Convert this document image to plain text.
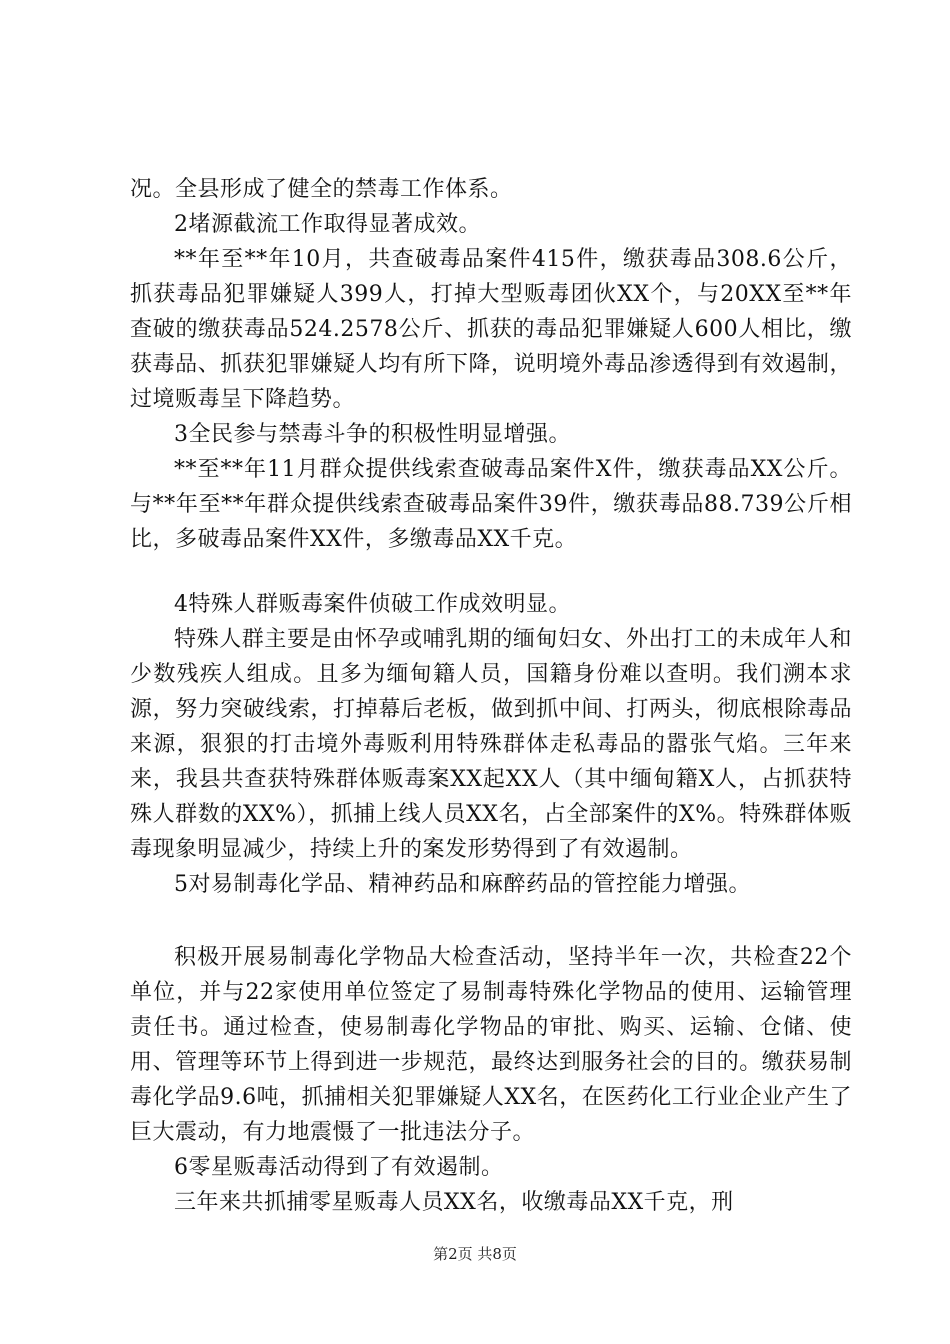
况。全县形成了健全的禁毒工作体系。

2堵源截流工作取得显著成效。

**年至**年10月，共查破毒品案件415件，缴获毒品308.6公斤，抓获毒品犯罪嫌疑人399人，打掉大型贩毒团伙XX个，与20XX至**年查破的缴获毒品524.2578公斤、抓获的毒品犯罪嫌疑人600人相比，缴获毒品、抓获犯罪嫌疑人均有所下降，说明境外毒品渗透得到有效遏制，过境贩毒呈下降趋势。

3全民参与禁毒斗争的积极性明显增强。

**至**年11月群众提供线索查破毒品案件X件，缴获毒品XX公斤。与**年至**年群众提供线索查破毒品案件39件，缴获毒品88.739公斤相比，多破毒品案件XX件，多缴毒品XX千克。

4特殊人群贩毒案件侦破工作成效明显。

特殊人群主要是由怀孕或哺乳期的缅甸妇女、外出打工的未成年人和少数残疾人组成。且多为缅甸籍人员，国籍身份难以查明。我们溯本求源，努力突破线索，打掉幕后老板，做到抓中间、打两头，彻底根除毒品来源，狠狠的打击境外毒贩利用特殊群体走私毒品的嚣张气焰。三年来来，我县共查获特殊群体贩毒案XX起XX人（其中缅甸籍X人，占抓获特殊人群数的XX%），抓捕上线人员XX名，占全部案件的X%。特殊群体贩毒现象明显减少，持续上升的案发形势得到了有效遏制。

5对易制毒化学品、精神药品和麻醉药品的管控能力增强。

积极开展易制毒化学物品大检查活动，坚持半年一次，共检查22个单位，并与22家使用单位签定了易制毒特殊化学物品的使用、运输管理责任书。通过检查，使易制毒化学物品的审批、购买、运输、仓储、使用、管理等环节上得到进一步规范，最终达到服务社会的目的。缴获易制毒化学品9.6吨，抓捕相关犯罪嫌疑人XX名，在医药化工行业企业产生了巨大震动，有力地震慑了一批违法分子。

6零星贩毒活动得到了有效遏制。

三年来共抓捕零星贩毒人员XX名，收缴毒品XX千克，刑

第2页 共8页
